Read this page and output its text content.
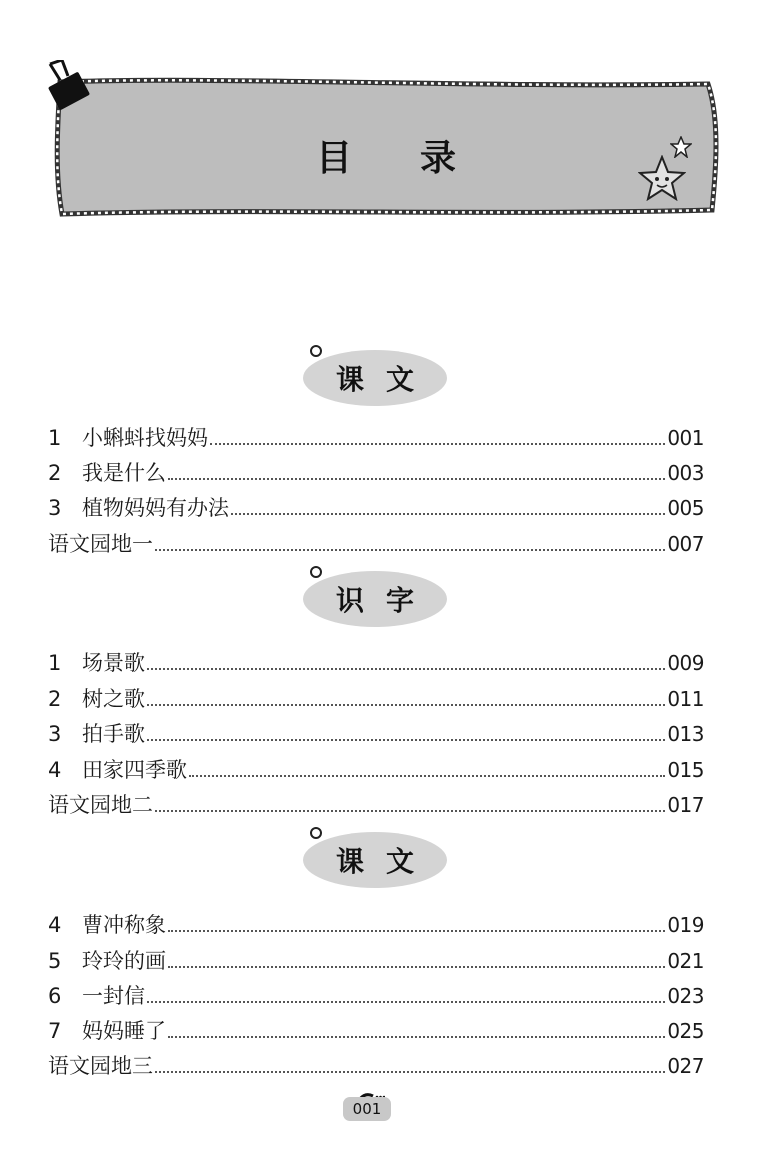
目录
课文
1 小蝌蚪找妈妈	001
2 我是什么	003
3 植物妈妈有办法	005
语文园地一	007
识字
1 场景歌	009
2 树之歌	011
3 拍手歌	013
4 田家四季歌	015
语文园地二	017
课文
4 曹冲称象	019
5 玲玲的画	021
6 一封信	023
7 妈妈睡了	025
语文园地三	027
001
